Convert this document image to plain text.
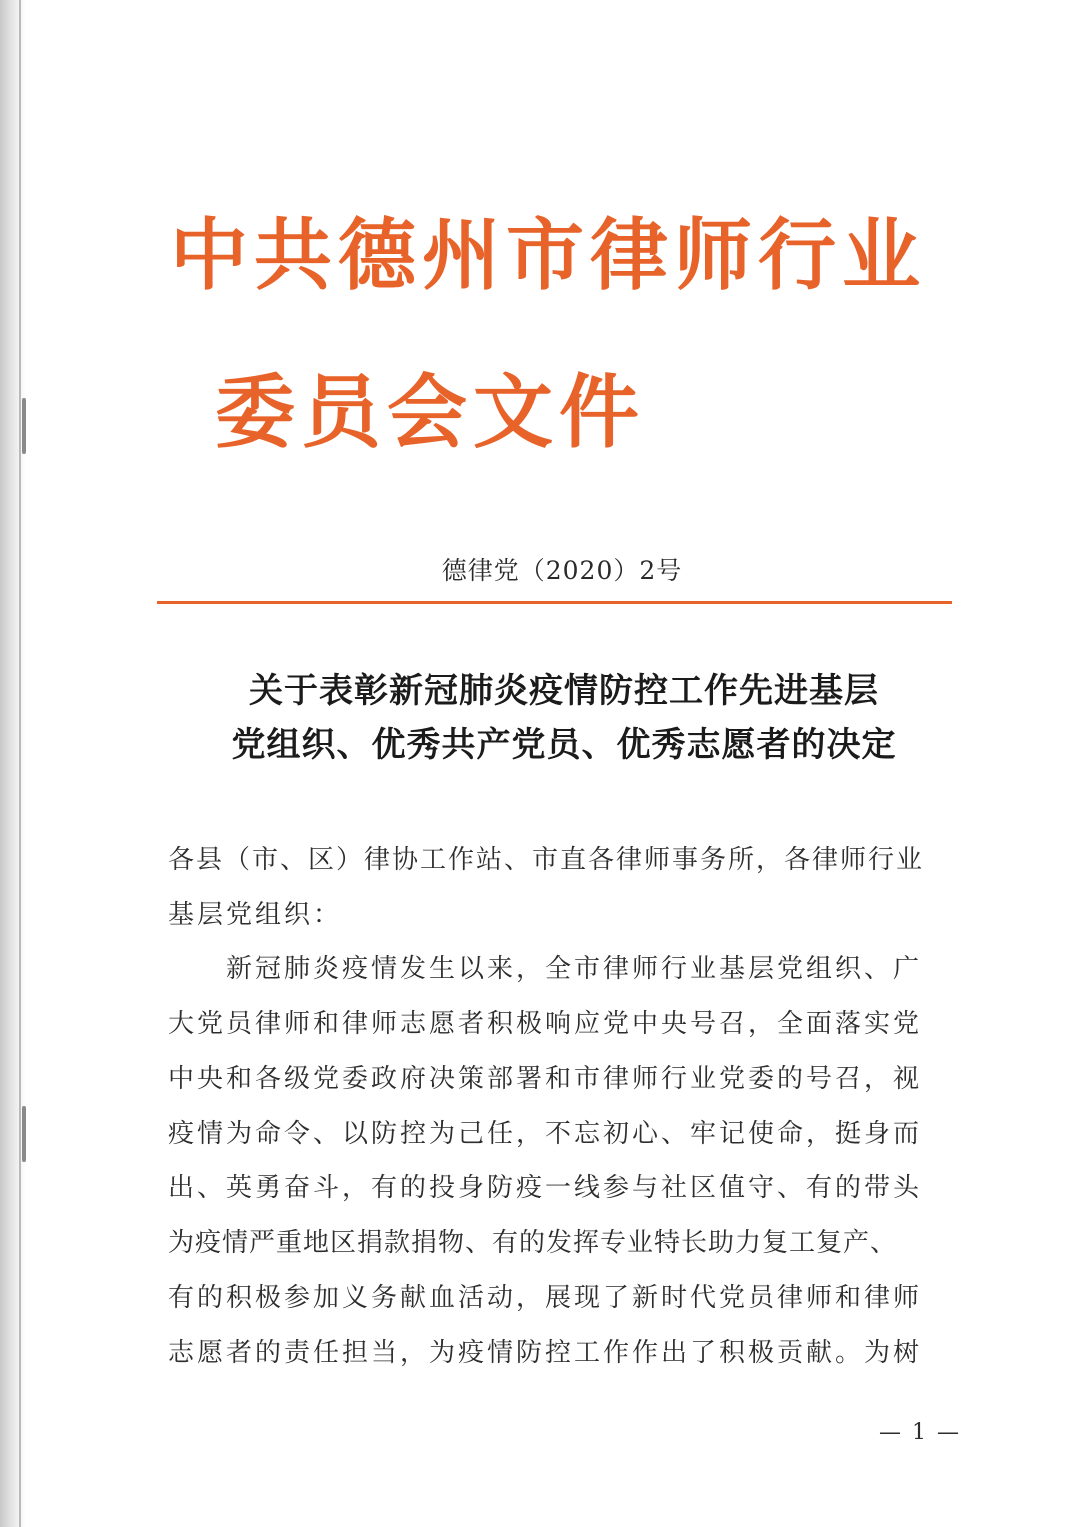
中共德州市律师行业
委员会文件
德律党（2020）2号
关于表彰新冠肺炎疫情防控工作先进基层
党组织、优秀共产党员、优秀志愿者的决定
各县（市、区）律协工作站、市直各律师事务所，各律师行业
基层党组织：
　　新冠肺炎疫情发生以来，全市律师行业基层党组织、广
大党员律师和律师志愿者积极响应党中央号召，全面落实党
中央和各级党委政府决策部署和市律师行业党委的号召，视
疫情为命令、以防控为己任，不忘初心、牢记使命，挺身而
出、英勇奋斗，有的投身防疫一线参与社区值守、有的带头
为疫情严重地区捐款捐物、有的发挥专业特长助力复工复产、
有的积极参加义务献血活动，展现了新时代党员律师和律师
志愿者的责任担当，为疫情防控工作作出了积极贡献。为树
— 1 —
